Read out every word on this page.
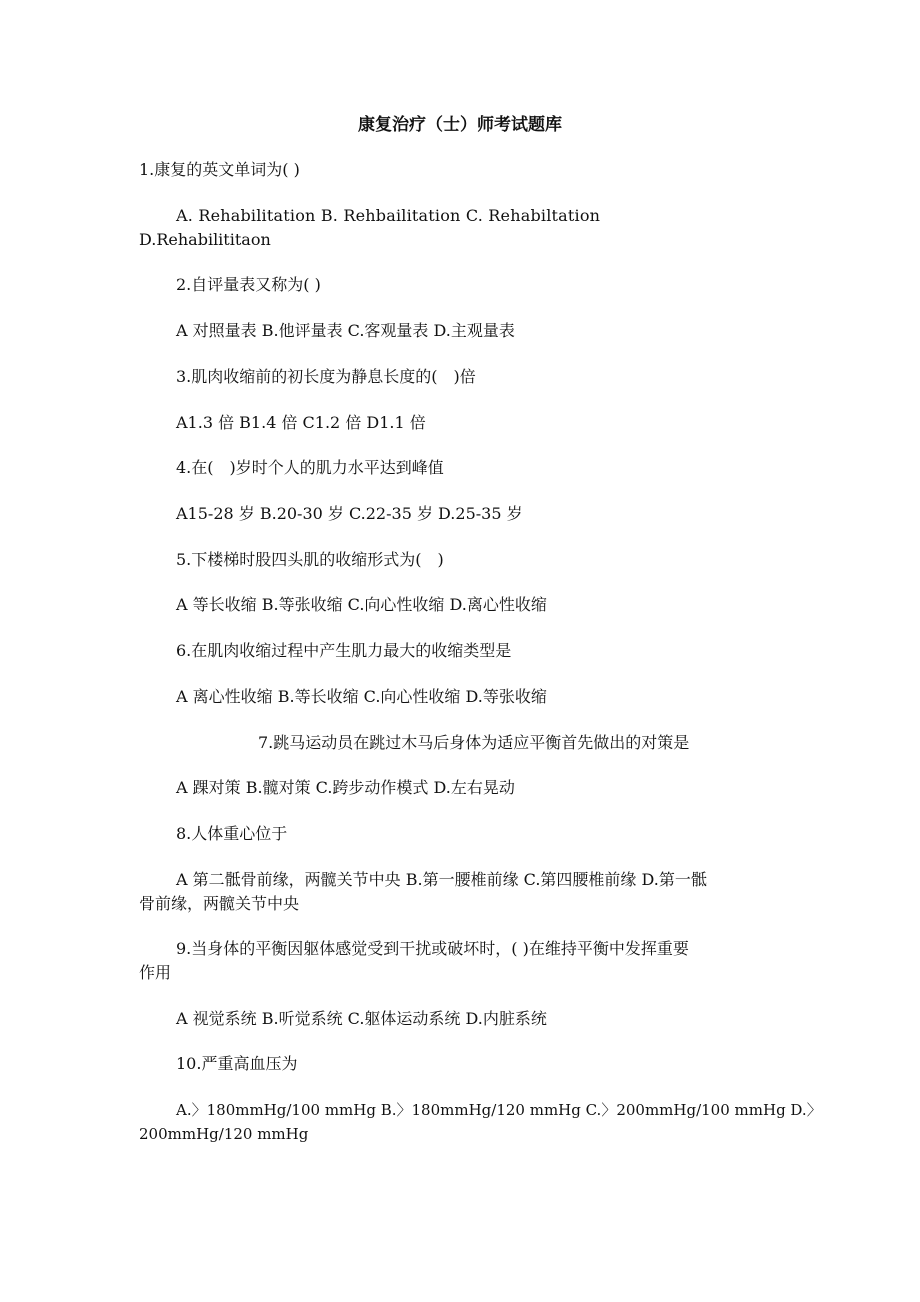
康复治疗（士）师考试题库
1.康复的英文单词为( )
A. Rehabilitation B. Rehbailitation C. Rehabiltation
D.Rehabilititaon
2.自评量表又称为( )
A 对照量表 B.他评量表 C.客观量表 D.主观量表
3.肌肉收缩前的初长度为静息长度的(　)倍
A1.3 倍 B1.4 倍 C1.2 倍 D1.1 倍
4.在(　)岁时个人的肌力水平达到峰值
A15-28 岁 B.20-30 岁 C.22-35 岁 D.25-35 岁
5.下楼梯时股四头肌的收缩形式为(　)
A 等长收缩 B.等张收缩 C.向心性收缩 D.离心性收缩
6.在肌肉收缩过程中产生肌力最大的收缩类型是
A 离心性收缩 B.等长收缩 C.向心性收缩 D.等张收缩
7.跳马运动员在跳过木马后身体为适应平衡首先做出的对策是
A 踝对策 B.髋对策 C.跨步动作模式 D.左右晃动
8.人体重心位于
A 第二骶骨前缘，两髋关节中央 B.第一腰椎前缘 C.第四腰椎前缘 D.第一骶
骨前缘，两髋关节中央
9.当身体的平衡因躯体感觉受到干扰或破坏时，( )在维持平衡中发挥重要
作用
A 视觉系统 B.听觉系统 C.躯体运动系统 D.内脏系统
10.严重高血压为
A.〉180mmHg/100 mmHg B.〉180mmHg/120 mmHg C.〉200mmHg/100 mmHg D.〉
200mmHg/120 mmHg
